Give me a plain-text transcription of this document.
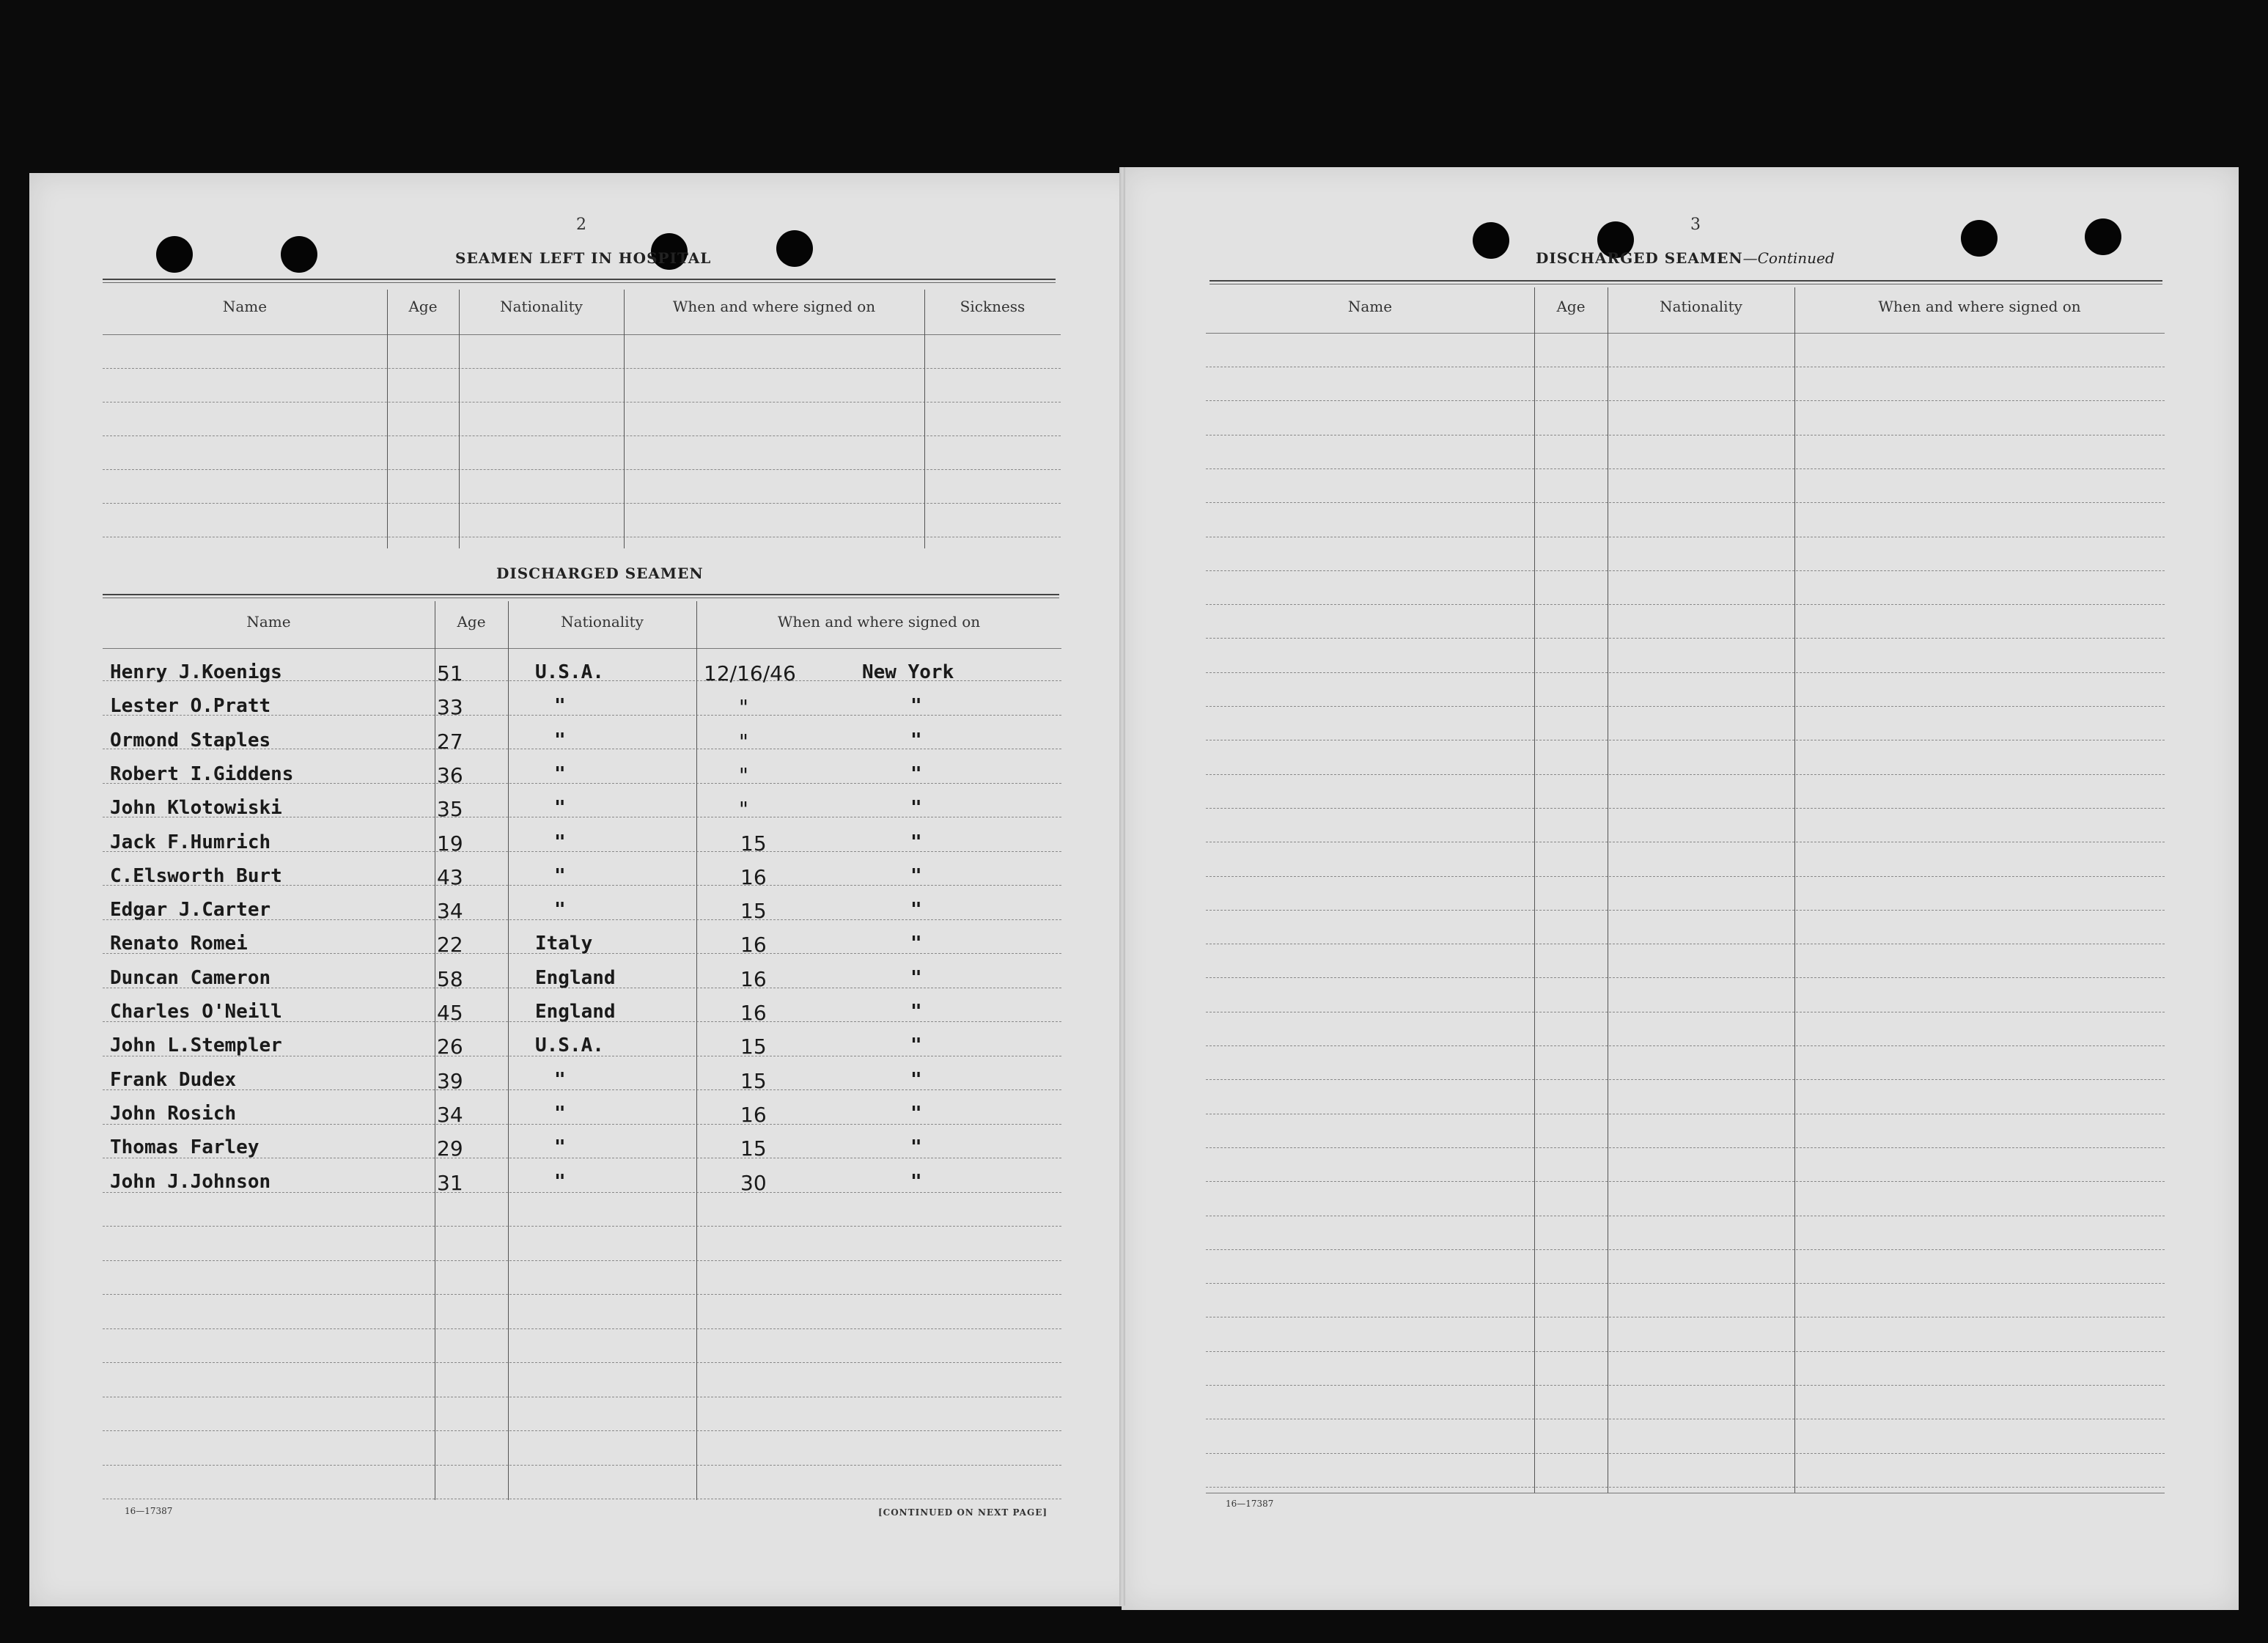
2
SEAMEN LEFT IN HOSPITAL
Name	Age	Nationality	When and where signed on	Sickness
DISCHARGED SEAMEN
Name	Age	Nationality	When and where signed on
16—17387	[CONTINUED ON NEXT PAGE]
3
DISCHARGED SEAMEN—Continued
Name	Age	Nationality	When and where signed on
16—17387
Henry J.Koenigs	51	U.S.A.	12/16/46	New York
Lester O.Pratt	33	"	"	"
Ormond Staples	27	"	"	"
Robert I.Giddens	36	"	"	"
John Klotowiski	35	"	"	"
Jack F.Humrich	19	"	15	"
C.Elsworth Burt	43	"	16	"
Edgar J.Carter	34	"	15	"
Renato Romei	22	Italy	16	"
Duncan Cameron	58	England	16	"
Charles O'Neill	45	England	16	"
John L.Stempler	26	U.S.A.	15	"
Frank Dudex	39	"	15	"
John Rosich	34	"	16	"
Thomas Farley	29	"	15	"
John J.Johnson	31	"	30	"
